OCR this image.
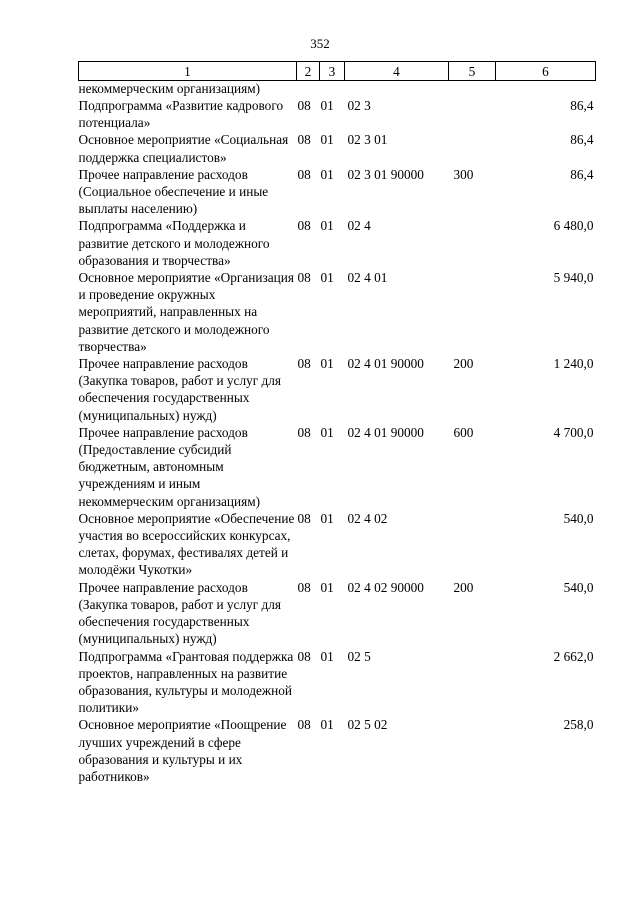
352
1	2	3	4	5	6
некоммерческим организациям)					
Подпрограмма «Развитие кадрового потенциала»	08	01	02 3		86,4
Основное мероприятие «Социальная поддержка специалистов»	08	01	02 3 01		86,4
Прочее направление расходов (Социальное обеспечение и иные выплаты населению)	08	01	02 3 01 90000	300	86,4
Подпрограмма «Поддержка и развитие детского и молодежного образования и творчества»	08	01	02 4		6 480,0
Основное мероприятие «Организация и проведение окружных мероприятий, направленных на развитие детского и молодежного творчества»	08	01	02 4 01		5 940,0
Прочее направление расходов (Закупка товаров, работ и услуг для обеспечения государственных (муниципальных) нужд)	08	01	02 4 01 90000	200	1 240,0
Прочее направление расходов (Предоставление субсидий бюджетным, автономным учреждениям и иным некоммерческим организациям)	08	01	02 4 01 90000	600	4 700,0
Основное мероприятие «Обеспечение участия во всероссийских конкурсах, слетах, форумах, фестивалях детей и молодёжи Чукотки»	08	01	02 4 02		540,0
Прочее направление расходов (Закупка товаров, работ и услуг для обеспечения государственных (муниципальных) нужд)	08	01	02 4 02 90000	200	540,0
Подпрограмма «Грантовая поддержка проектов, направленных на развитие образования, культуры и молодежной политики»	08	01	02 5		2 662,0
Основное мероприятие «Поощрение лучших учреждений в сфере образования и культуры и их работников»	08	01	02 5 02		258,0
